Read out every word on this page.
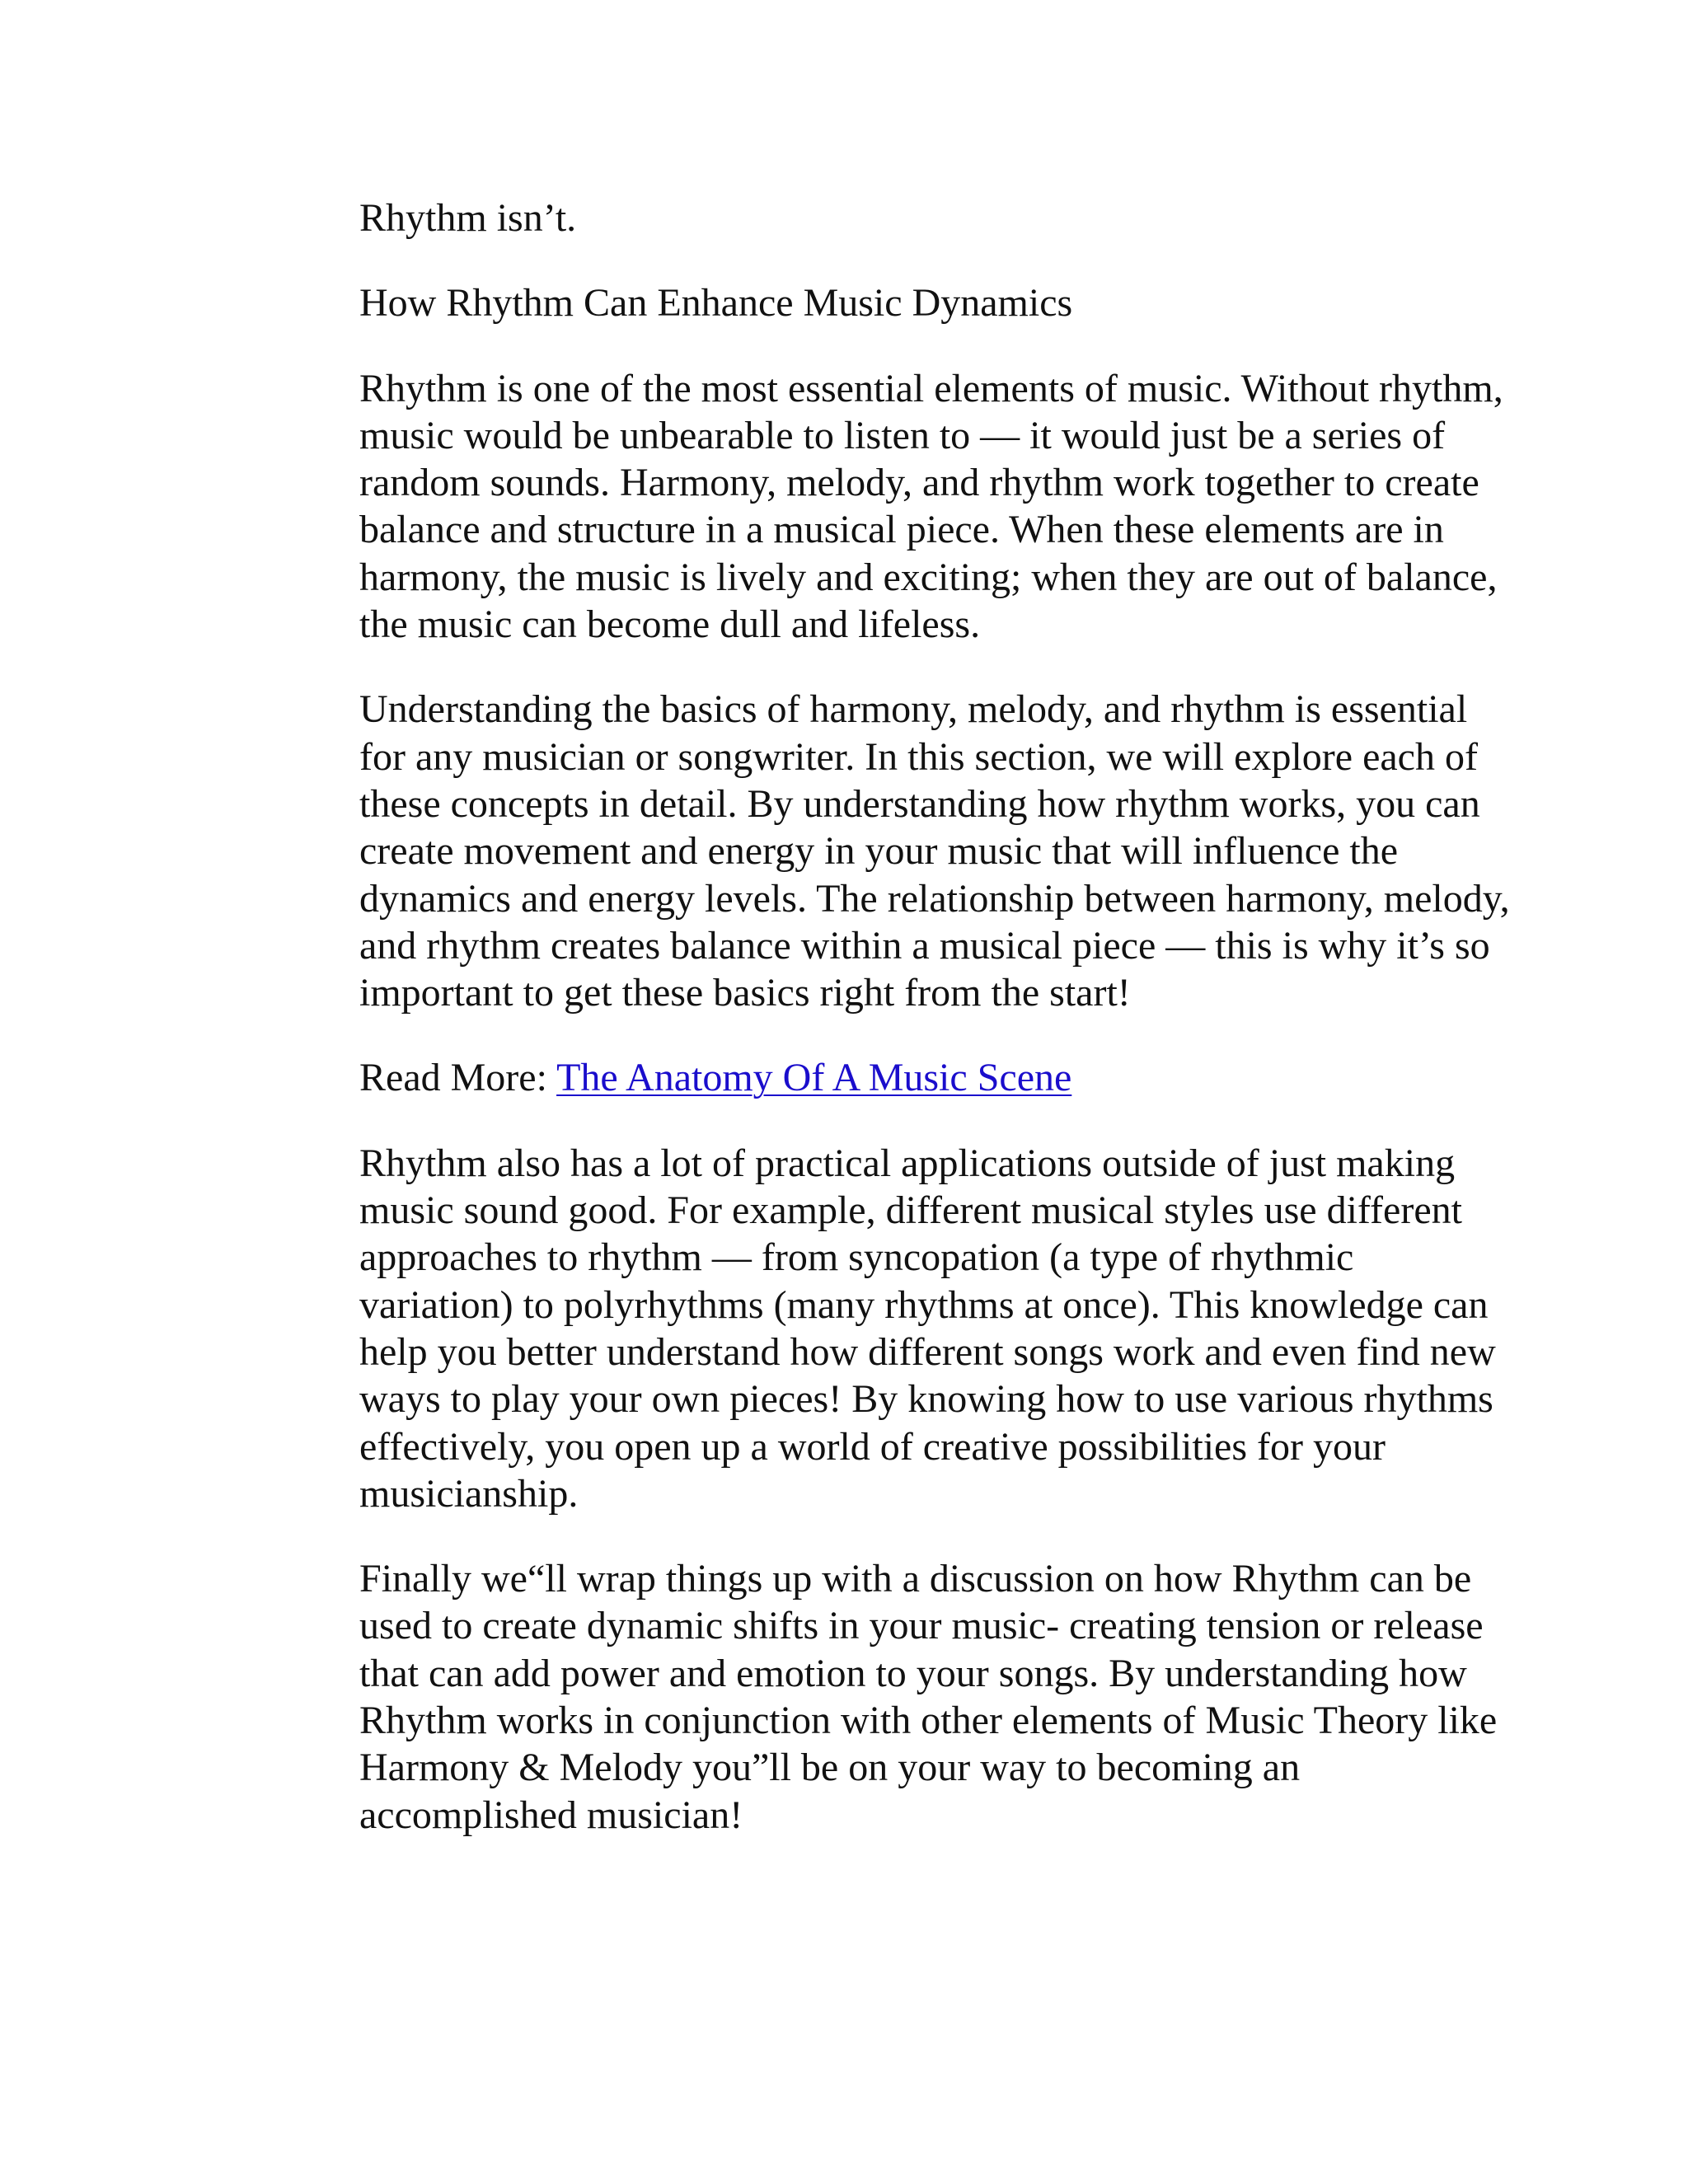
Rhythm isn’t.

How Rhythm Can Enhance Music Dynamics

Rhythm is one of the most essential elements of music. Without rhythm, music would be unbearable to listen to — it would just be a series of random sounds. Harmony, melody, and rhythm work together to create balance and structure in a musical piece. When these elements are in harmony, the music is lively and exciting; when they are out of balance, the music can become dull and lifeless.

Understanding the basics of harmony, melody, and rhythm is essential for any musician or songwriter. In this section, we will explore each of these concepts in detail. By understanding how rhythm works, you can create movement and energy in your music that will influence the dynamics and energy levels. The relationship between harmony, melody, and rhythm creates balance within a musical piece — this is why it’s so important to get these basics right from the start!

Read More: The Anatomy Of A Music Scene

Rhythm also has a lot of practical applications outside of just making music sound good. For example, different musical styles use different approaches to rhythm — from syncopation (a type of rhythmic variation) to polyrhythms (many rhythms at once). This knowledge can help you better understand how different songs work and even find new ways to play your own pieces! By knowing how to use various rhythms effectively, you open up a world of creative possibilities for your musicianship.

Finally we“ll wrap things up with a discussion on how Rhythm can be used to create dynamic shifts in your music- creating tension or release that can add power and emotion to your songs. By understanding how Rhythm works in conjunction with other elements of Music Theory like Harmony & Melody you”ll be on your way to becoming an accomplished musician!
